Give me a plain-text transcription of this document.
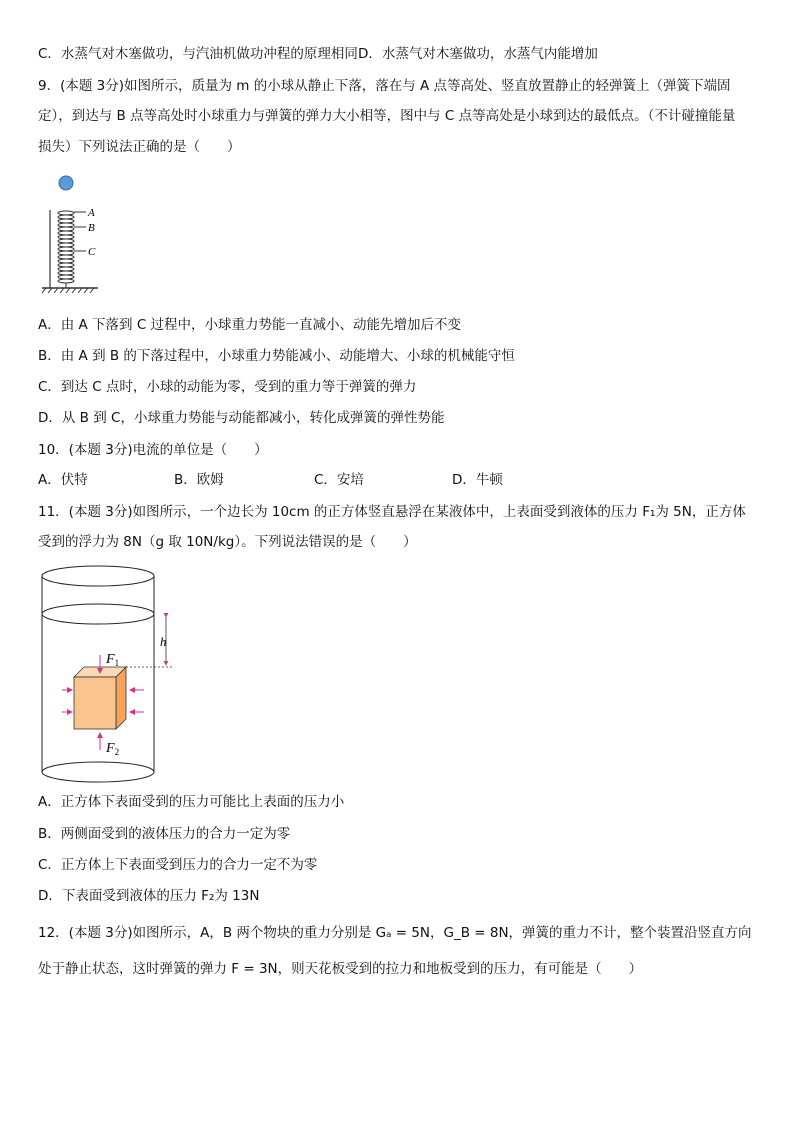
C．水蒸气对木塞做功，与汽油机做功冲程的原理相同D．水蒸气对木塞做功，水蒸气内能增加
9．(本题 3分)如图所示，质量为 m 的小球从静止下落，落在与 A 点等高处、竖直放置静止的轻弹簧上（弹簧下端固
定），到达与 B 点等高处时小球重力与弹簧的弹力大小相等，图中与 C 点等高处是小球到达的最低点。（不计碰撞能量
损失）下列说法正确的是（　　）
A
B
C
A．由 A 下落到 C 过程中，小球重力势能一直减小、动能先增加后不变
B．由 A 到 B 的下落过程中，小球重力势能减小、动能增大、小球的机械能守恒
C．到达 C 点时，小球的动能为零，受到的重力等于弹簧的弹力
D．从 B 到 C，小球重力势能与动能都减小，转化成弹簧的弹性势能
10．(本题 3分)电流的单位是（　　）
A．伏特	B．欧姆	C．安培	D．牛顿
11．(本题 3分)如图所示，一个边长为 10cm 的正方体竖直悬浮在某液体中，上表面受到液体的压力 F₁为 5N，正方体
受到的浮力为 8N（g 取 10N/kg）。下列说法错误的是（　　）
h
$F_1$
$F_2$
A．正方体下表面受到的压力可能比上表面的压力小
B．两侧面受到的液体压力的合力一定为零
C．正方体上下表面受到压力的合力一定不为零
D．下表面受到液体的压力 F₂为 13N
12．(本题 3分)如图所示，A，B 两个物块的重力分别是 Gₐ = 5N，G_B = 8N，弹簧的重力不计，整个装置沿竖直方向
处于静止状态，这时弹簧的弹力 F = 3N，则天花板受到的拉力和地板受到的压力，有可能是（　　）
